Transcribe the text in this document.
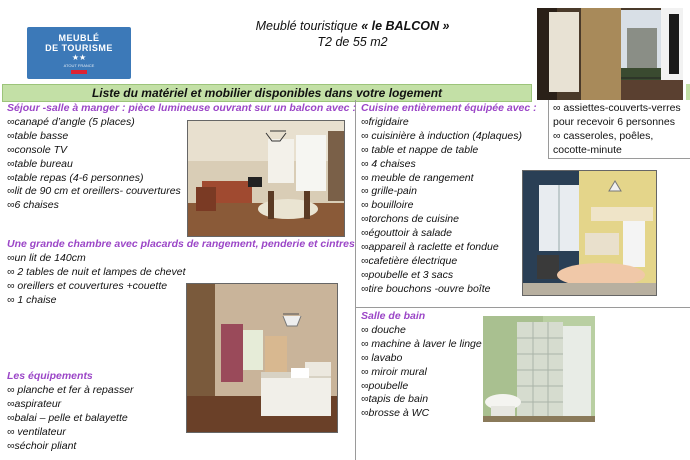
MEUBLÉ
DE TOURISME
★★
ATOUT FRANCE
Meublé touristique « le BALCON »
T2 de 55 m2
Liste du matériel et mobilier disponibles dans votre logement
Séjour -salle à manger : pièce lumineuse ouvrant sur un balcon avec :
∞canapé d’angle (5 places)
∞table basse
∞console TV
∞table bureau
∞table repas (4-6 personnes)
∞lit de 90 cm et oreillers- couvertures
∞6 chaises
Une grande chambre avec placards de rangement, penderie et cintres
∞un lit de 140cm
∞ 2 tables de nuit et lampes de chevet
∞ oreillers et couvertures +couette
∞ 1 chaise
Les équipements
∞ planche et fer à repasser
∞aspirateur
∞balai – pelle et balayette
∞ ventilateur
∞séchoir pliant
Cuisine entièrement équipée avec :
∞frigidaire
∞ cuisinière à induction (4plaques)
∞ table et nappe de table
∞ 4 chaises
∞ meuble de rangement
∞ grille-pain
∞ bouilloire
∞torchons de cuisine
∞égouttoir à salade
∞appareil à raclette et fondue
∞cafetière électrique
∞poubelle et 3 sacs
∞tire bouchons -ouvre boîte
∞ assiettes-couverts-verres
pour recevoir 6 personnes
∞ casseroles, poêles,
cocotte-minute
Salle de bain
∞ douche
∞ machine à laver le linge
∞ lavabo
∞ miroir mural
∞poubelle
∞tapis de bain
∞brosse à WC
